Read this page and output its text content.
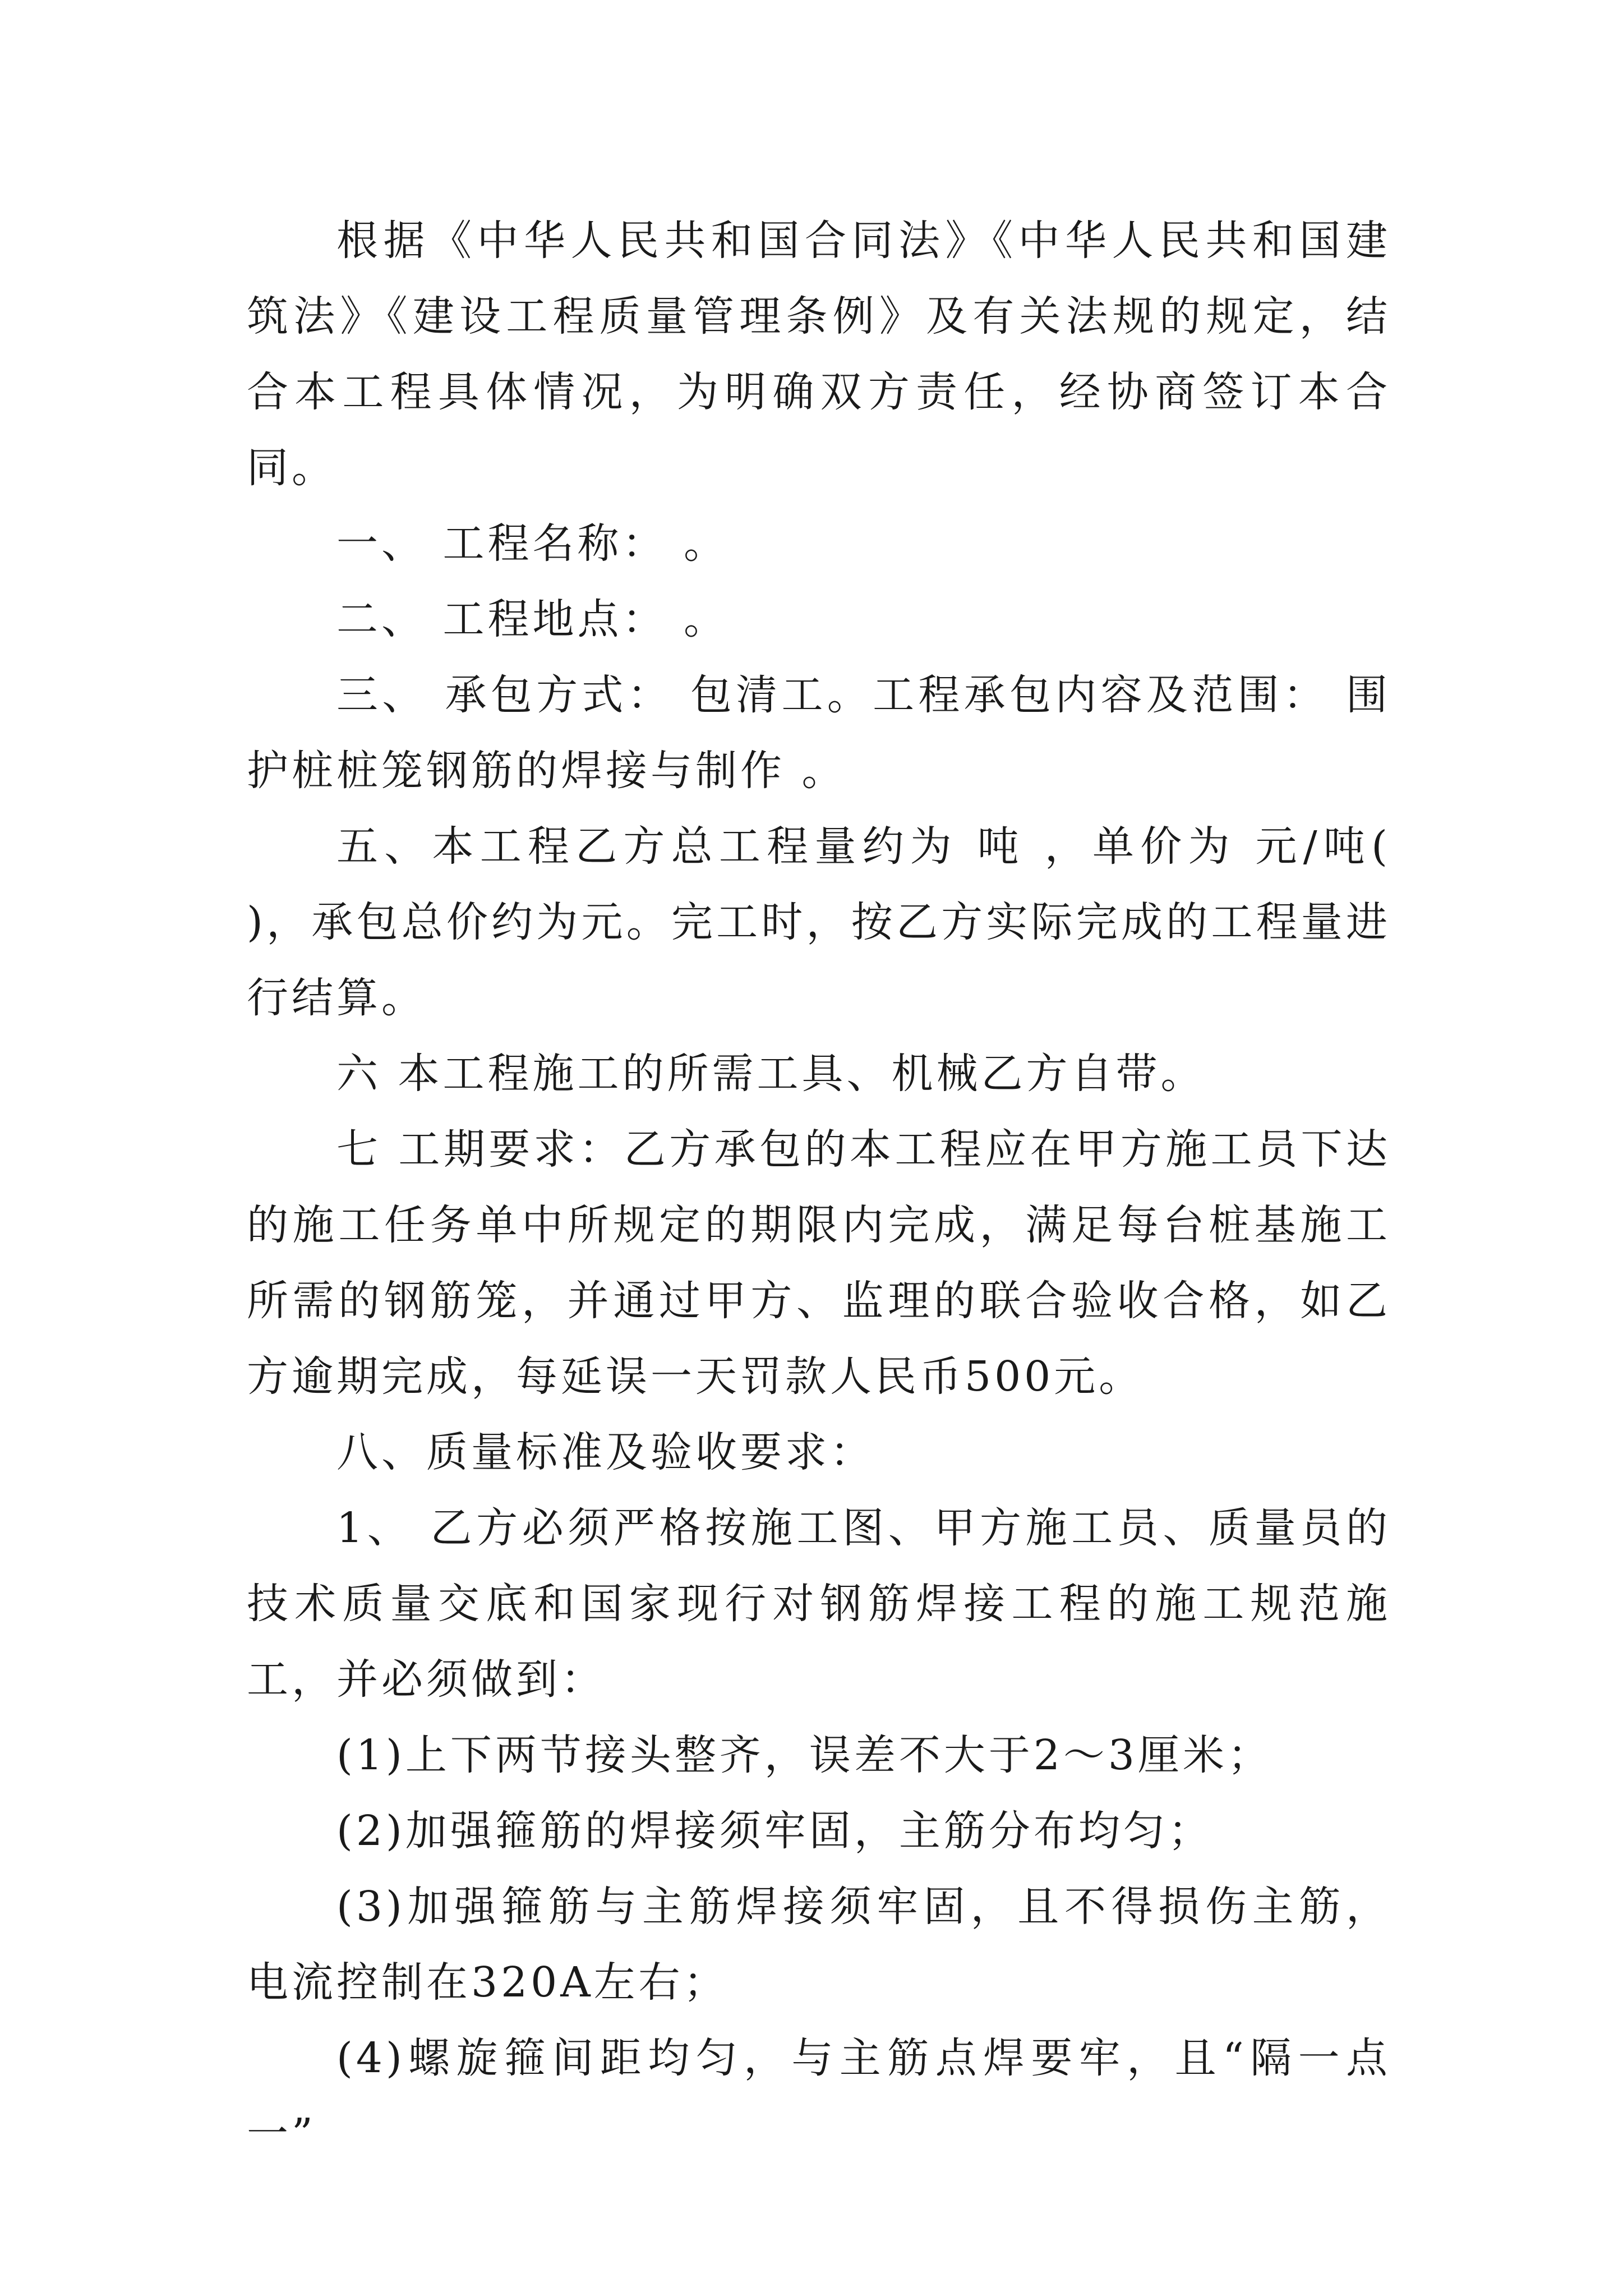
根据《中华人民共和国合同法》《中华人民共和国建筑法》《建设工程质量管理条例》及有关法规的规定，结合本工程具体情况，为明确双方责任，经协商签订本合同。

一、 工程名称： 。

二、 工程地点： 。

三、 承包方式： 包清工。工程承包内容及范围： 围护桩桩笼钢筋的焊接与制作 。

五、本工程乙方总工程量约为 吨 ，单价为 元/吨( )，承包总价约为元。完工时，按乙方实际完成的工程量进行结算。

六 本工程施工的所需工具、机械乙方自带。

七 工期要求：乙方承包的本工程应在甲方施工员下达的施工任务单中所规定的期限内完成，满足每台桩基施工所需的钢筋笼，并通过甲方、监理的联合验收合格，如乙方逾期完成，每延误一天罚款人民币500元。

八、质量标准及验收要求：

1、 乙方必须严格按施工图、甲方施工员、质量员的技术质量交底和国家现行对钢筋焊接工程的施工规范施工，并必须做到：

(1)上下两节接头整齐，误差不大于2～3厘米；

(2)加强箍筋的焊接须牢固，主筋分布均匀；

(3)加强箍筋与主筋焊接须牢固，且不得损伤主筋，电流控制在320A左右；

(4)螺旋箍间距均匀，与主筋点焊要牢，且“隔一点一”
